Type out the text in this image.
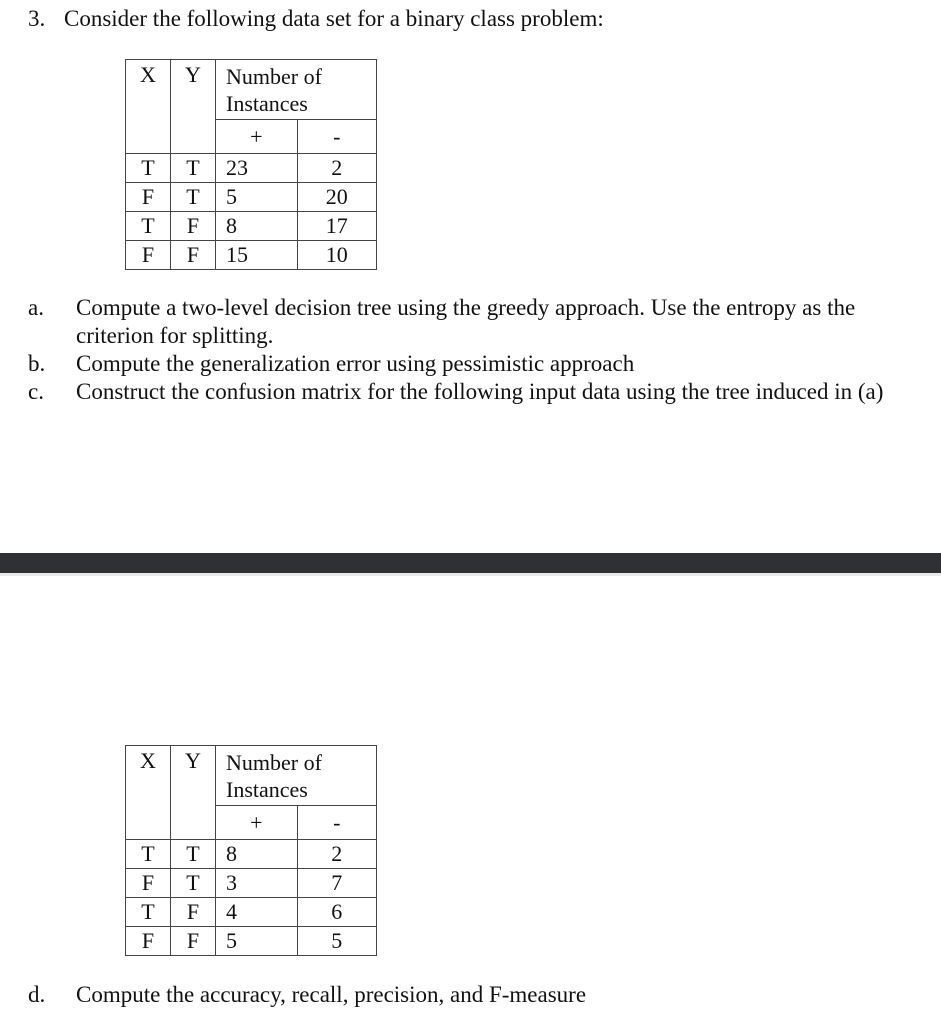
3. Consider the following data set for a binary class problem:
X	Y	Number of Instances	
		+	-
T	T	23	2
F	T	5	20
T	F	8	17
F	F	15	10
a.	Compute a two-level decision tree using the greedy approach. Use the entropy as the criterion for splitting.
b.	Compute the generalization error using pessimistic approach
c.	Construct the confusion matrix for the following input data using the tree induced in (a)
X	Y	Number of Instances	
		+	-
T	T	8	2
F	T	3	7
T	F	4	6
F	F	5	5
d.	Compute the accuracy, recall, precision, and F-measure
